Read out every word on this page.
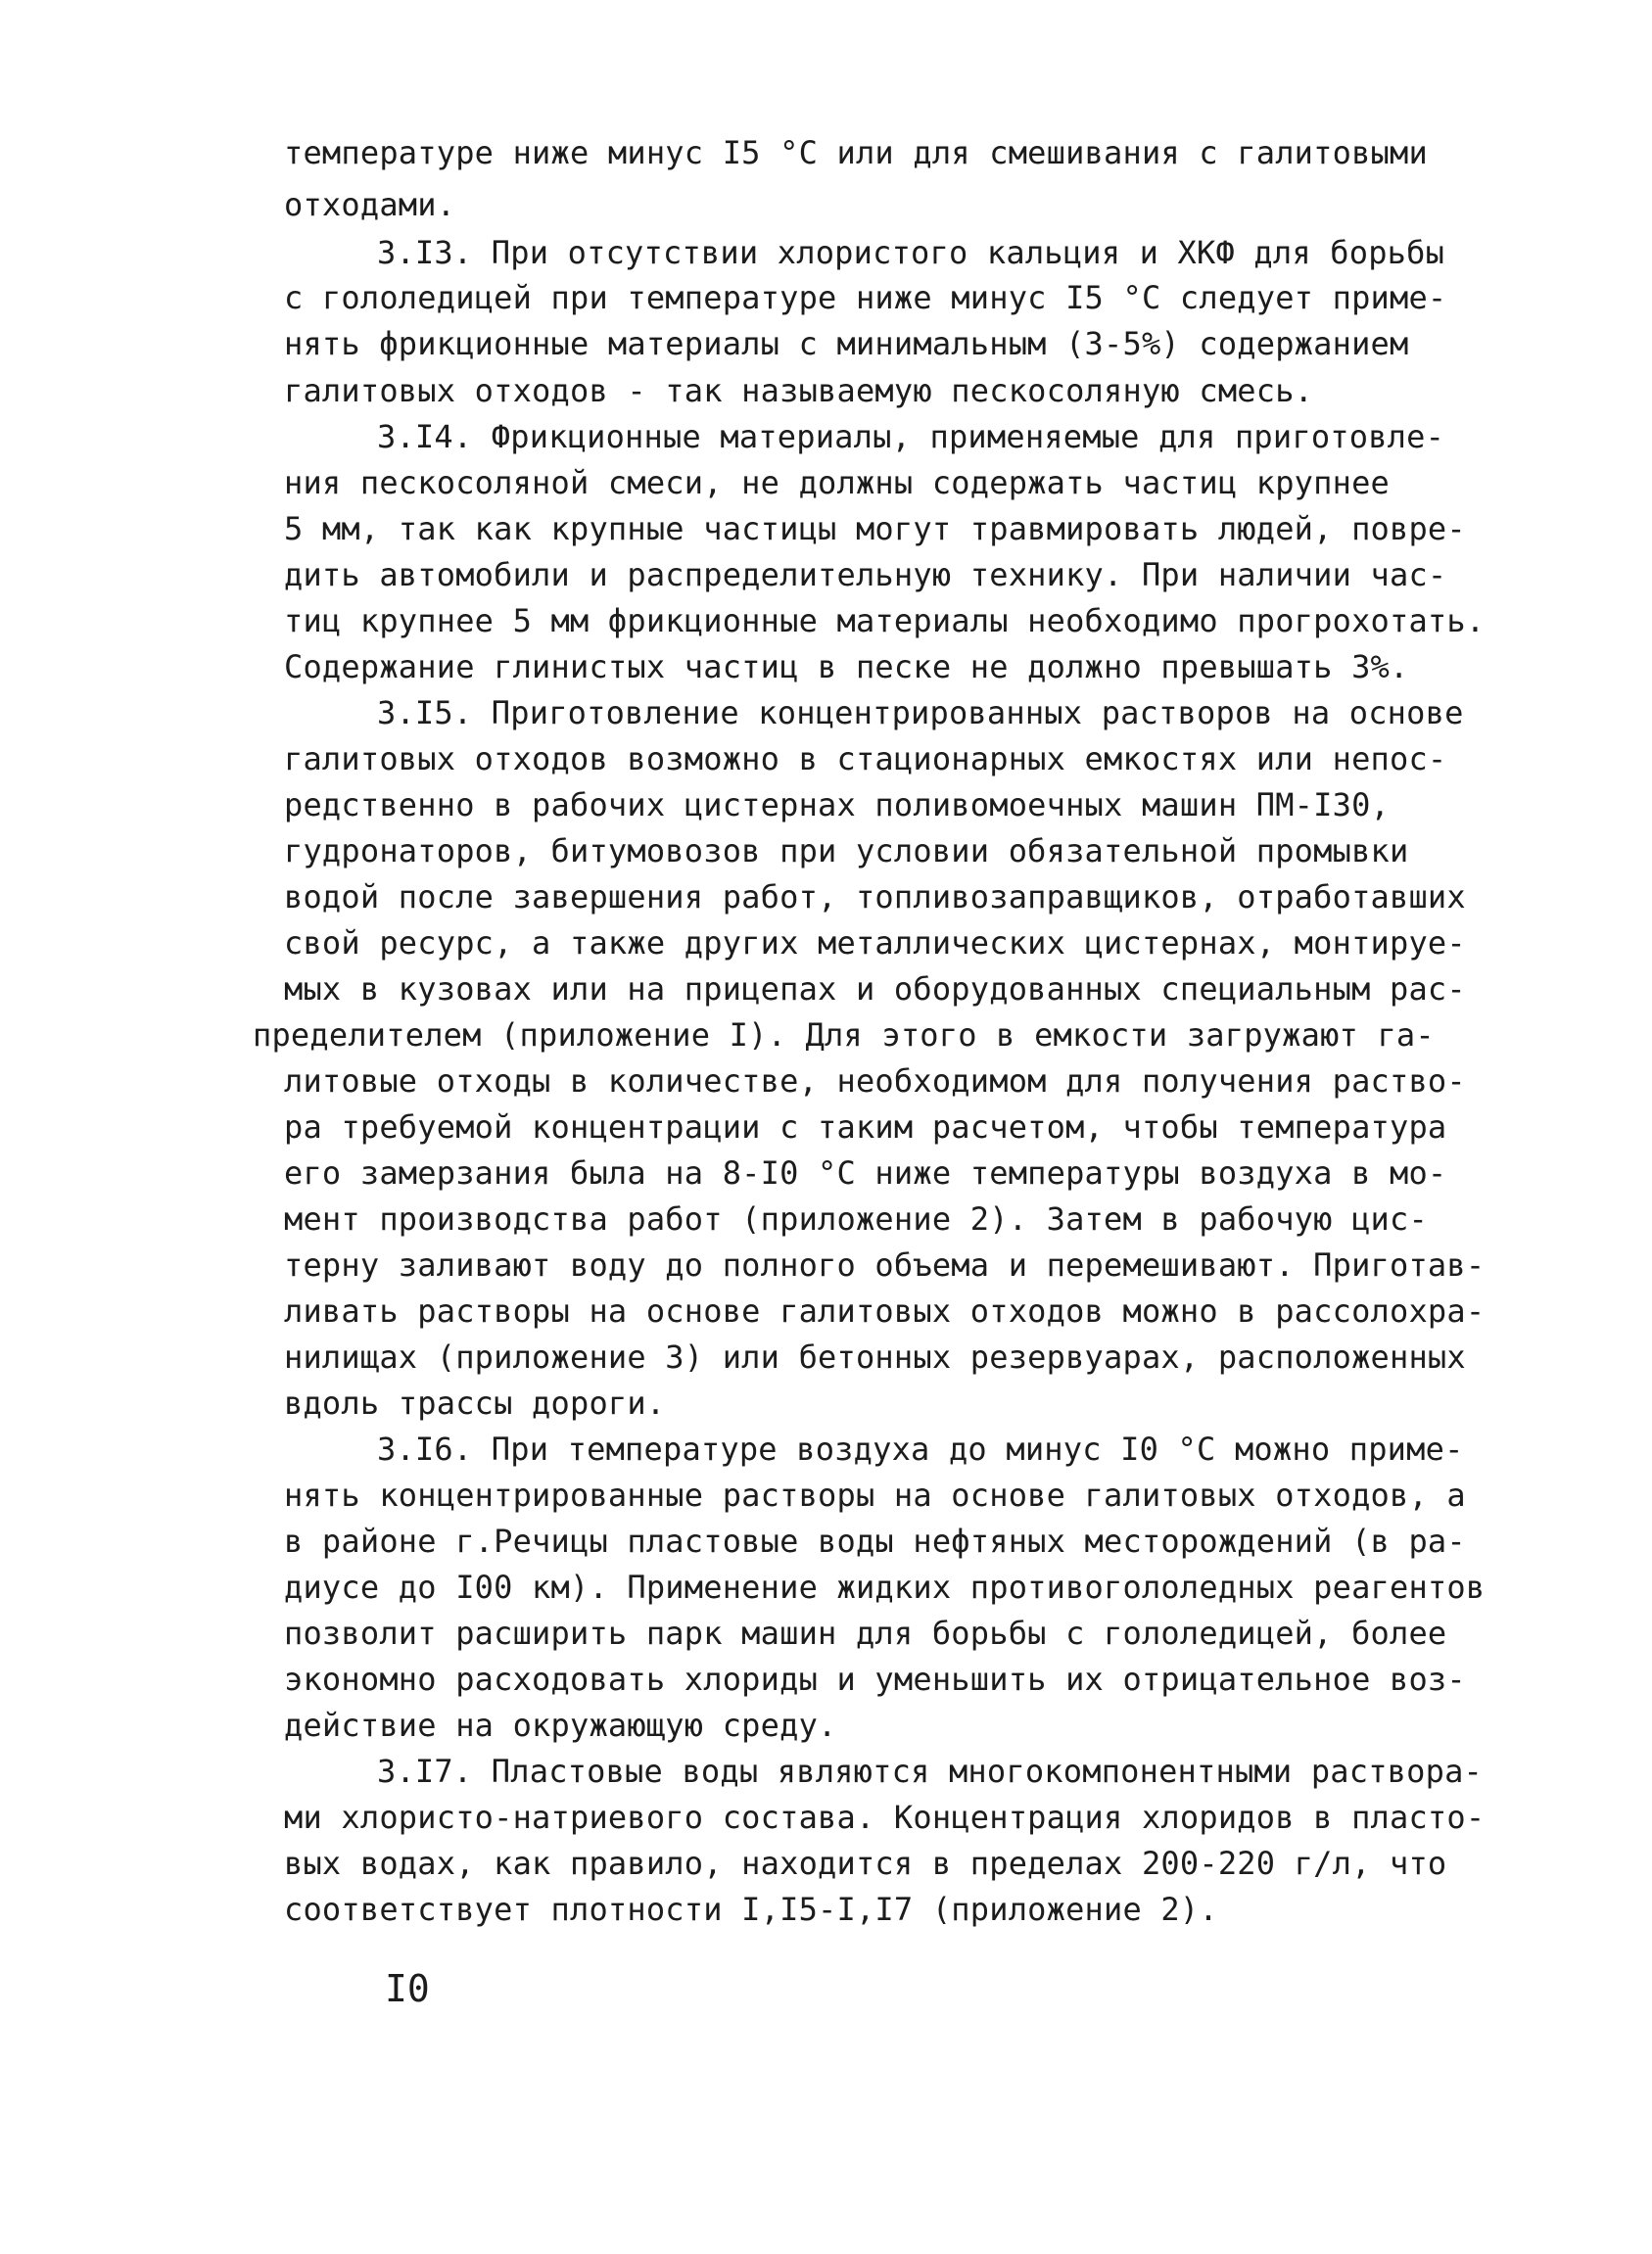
температуре ниже минус I5 °С или для смешивания с галитовыми
отходами.
3.I3. При отсутствии хлористого кальция и ХКФ для борьбы
с гололедицей при температуре ниже минус I5 °С следует приме-
нять фрикционные материалы с минимальным (3-5%) содержанием
галитовых отходов - так называемую пескосоляную смесь.
3.I4. Фрикционные материалы, применяемые для приготовле-
ния пескосоляной смеси, не должны содержать частиц крупнее
5 мм, так как крупные частицы могут травмировать людей, повре-
дить автомобили и распределительную технику. При наличии час-
тиц крупнее 5 мм фрикционные материалы необходимо прогрохотать.
Содержание глинистых частиц в песке не должно превышать 3%.
3.I5. Приготовление концентрированных растворов на основе
галитовых отходов возможно в стационарных емкостях или непос-
редственно в рабочих цистернах поливомоечных машин ПМ-I30,
гудронаторов, битумовозов при условии обязательной промывки
водой после завершения работ, топливозаправщиков, отработавших
свой ресурс, а также других металлических цистернах, монтируе-
мых в кузовах или на прицепах и оборудованных специальным рас-
пределителем (приложение I). Для этого в емкости загружают га-
литовые отходы в количестве, необходимом для получения раство-
ра требуемой концентрации с таким расчетом, чтобы температура
его замерзания была на 8-I0 °С ниже температуры воздуха в мо-
мент производства работ (приложение 2). Затем в рабочую цис-
терну заливают воду до полного объема и перемешивают. Приготав-
ливать растворы на основе галитовых отходов можно в рассолохра-
нилищах (приложение 3) или бетонных резервуарах, расположенных
вдоль трассы дороги.
3.I6. При температуре воздуха до минус I0 °С можно приме-
нять концентрированные растворы на основе галитовых отходов, а
в районе г.Речицы пластовые воды нефтяных месторождений (в ра-
диусе до I00 км). Применение жидких противогололедных реагентов
позволит расширить парк машин для борьбы с гололедицей, более
экономно расходовать хлориды и уменьшить их отрицательное воз-
действие на окружающую среду.
3.I7. Пластовые воды являются многокомпонентными раствора-
ми хлористо-натриевого состава. Концентрация хлоридов в пласто-
вых водах, как правило, находится в пределах 200-220 г/л, что
соответствует плотности I,I5-I,I7 (приложение 2).
I0
